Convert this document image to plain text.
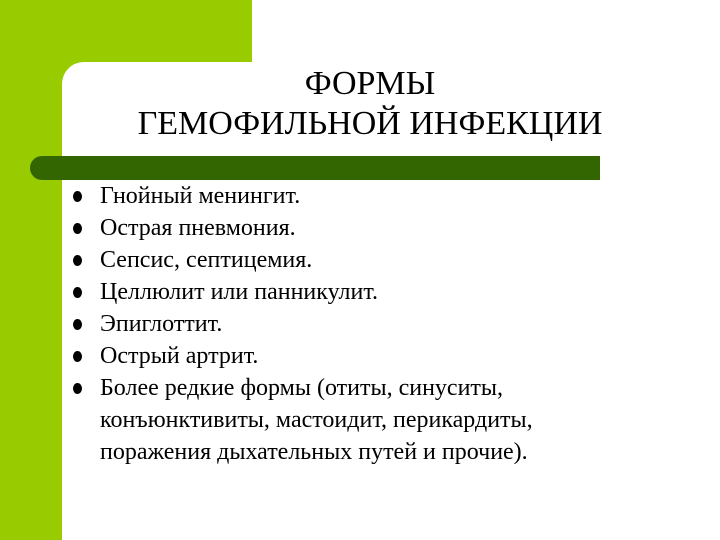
ФОРМЫ
ГЕМОФИЛЬНОЙ ИНФЕКЦИИ
Гнойный менингит.
Острая пневмония.
Сепсис, септицемия.
Целлюлит или панникулит.
Эпиглоттит.
Острый артрит.
Более редкие формы (отиты, синуситы,
конъюнктивиты, мастоидит, перикардиты,
поражения дыхательных путей и прочие).
